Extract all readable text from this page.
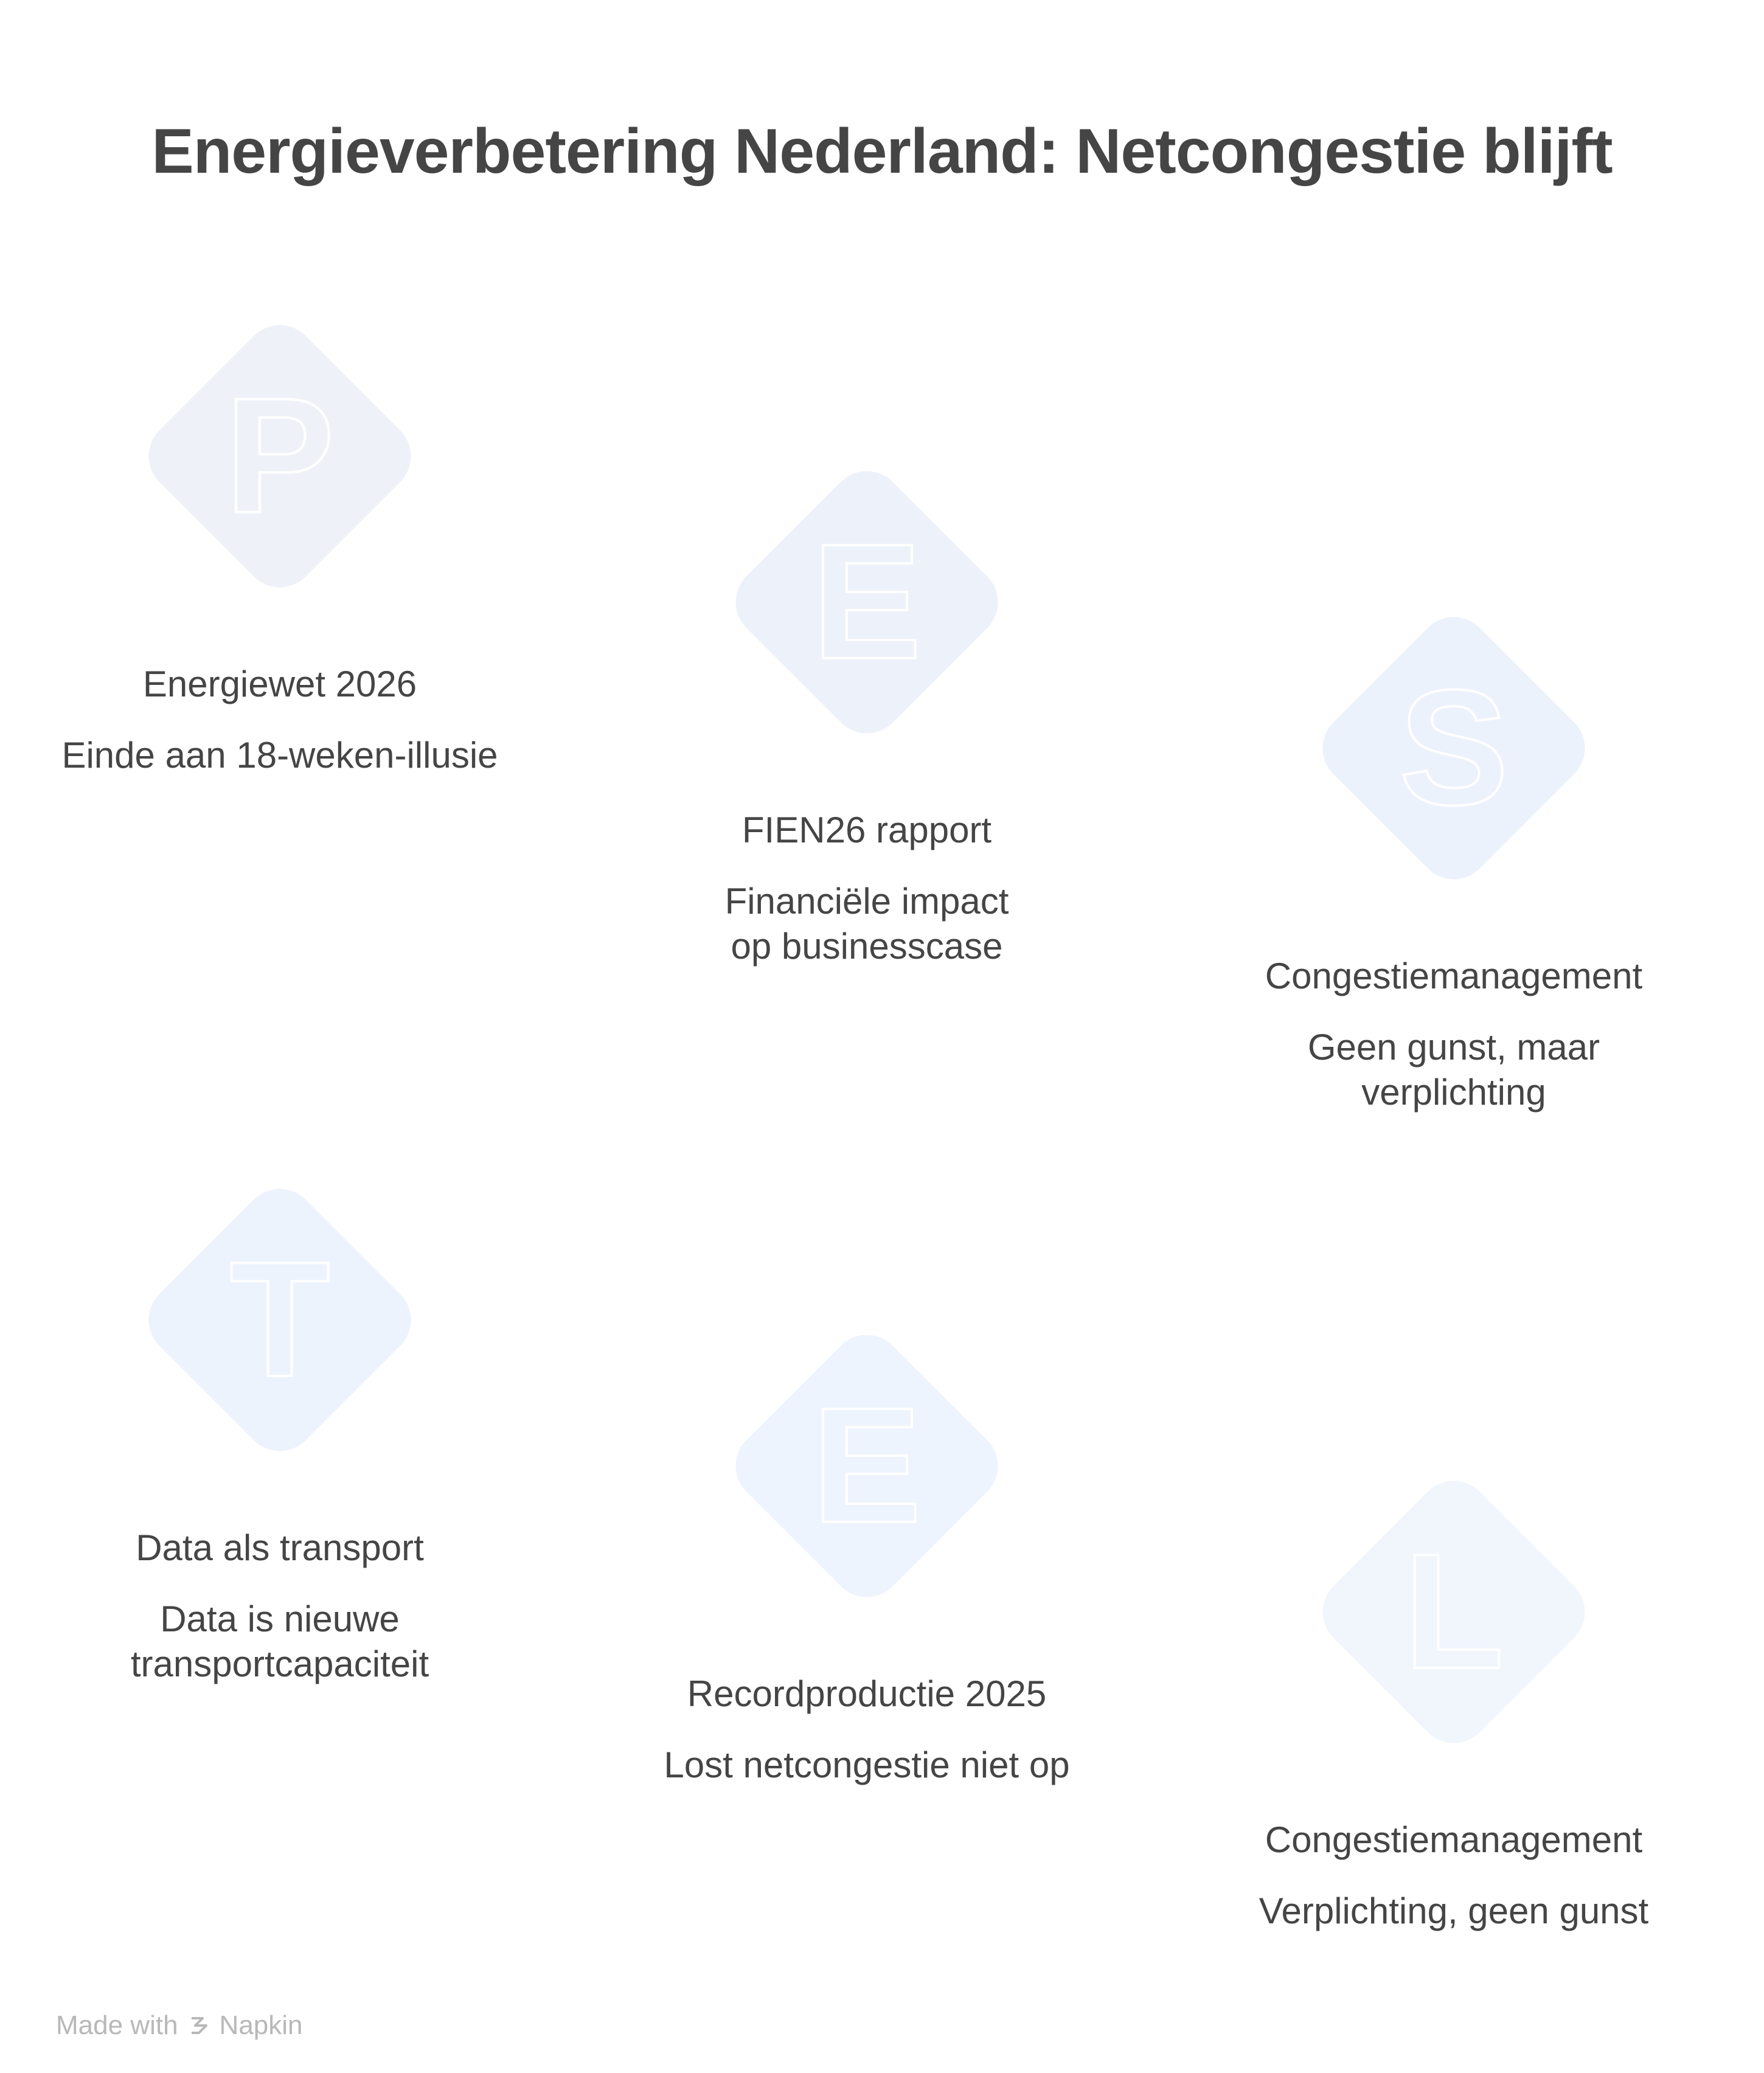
Energieverbetering Nederland: Netcongestie blijft
P
Energiewet 2026
Einde aan 18-weken-illusie
E
FIEN26 rapport
Financiële impact op businesscase
S
Congestiemanagement
Geen gunst, maar verplichting
T
Data als transport
Data is nieuwe transportcapaciteit
E
Recordproductie 2025
Lost netcongestie niet op
L
Congestiemanagement
Verplichting, geen gunst
Made with Napkin
